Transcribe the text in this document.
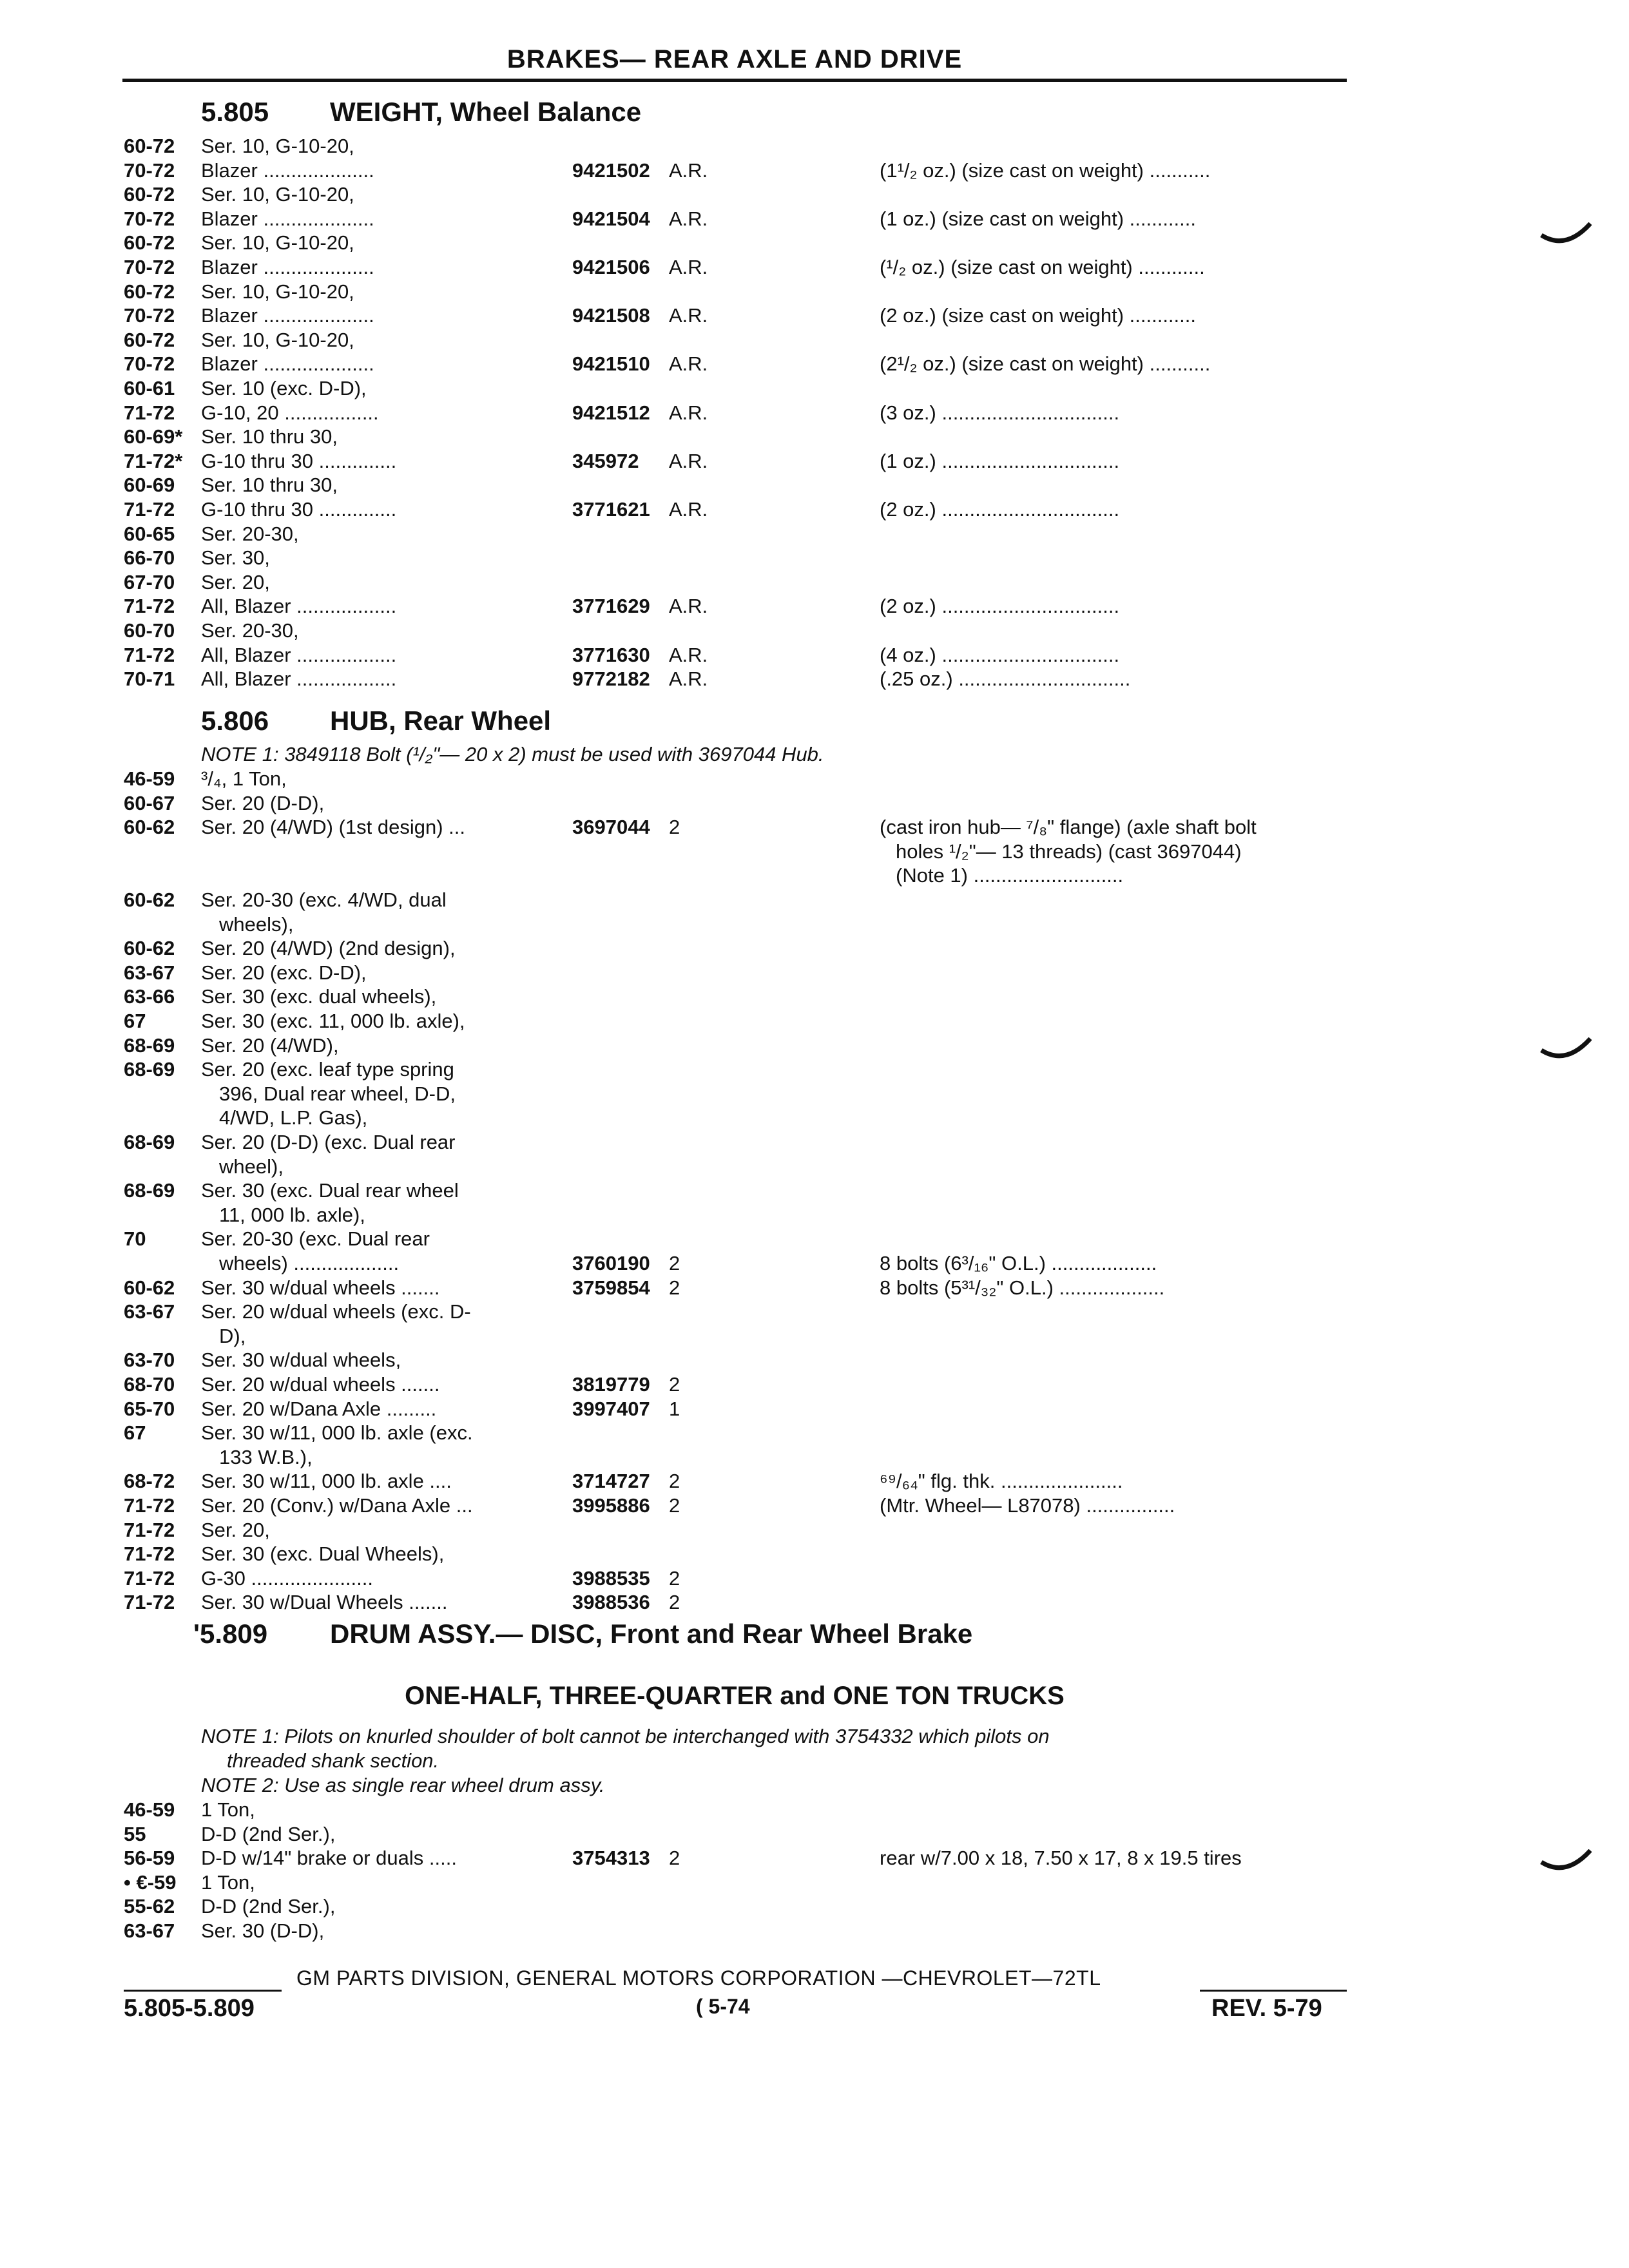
BRAKES— REAR AXLE AND DRIVE
5.805 WEIGHT, Wheel Balance
60-72 Ser. 10, G-10-20,
70-72 Blazer ....................	9421502 A.R.	(1¹/₂ oz.) (size cast on weight) ...........
60-72 Ser. 10, G-10-20,
70-72 Blazer ....................	9421504 A.R.	(1 oz.) (size cast on weight) ............
60-72 Ser. 10, G-10-20,
70-72 Blazer ....................	9421506 A.R.	(¹/₂ oz.) (size cast on weight) ............
60-72 Ser. 10, G-10-20,
70-72 Blazer ....................	9421508 A.R.	(2 oz.) (size cast on weight) ............
60-72 Ser. 10, G-10-20,
70-72 Blazer ....................	9421510 A.R.	(2¹/₂ oz.) (size cast on weight) ...........
60-61 Ser. 10 (exc. D-D),
71-72 G-10, 20 .................	9421512 A.R.	(3 oz.) ................................
60-69* Ser. 10 thru 30,
71-72* G-10 thru 30 ..............	345972 A.R.	(1 oz.) ................................
60-69 Ser. 10 thru 30,
71-72 G-10 thru 30 ..............	3771621 A.R.	(2 oz.) ................................
60-65 Ser. 20-30,
66-70 Ser. 30,
67-70 Ser. 20,
71-72 All, Blazer ..................	3771629 A.R.	(2 oz.) ................................
60-70 Ser. 20-30,
71-72 All, Blazer ..................	3771630 A.R.	(4 oz.) ................................
70-71 All, Blazer ..................	9772182 A.R.	(.25 oz.) ...............................
5.806 HUB, Rear Wheel
NOTE 1: 3849118 Bolt (¹/₂"— 20 x 2) must be used with 3697044 Hub.
46-59 ³/₄, 1 Ton,
60-67 Ser. 20 (D-D),
60-62 Ser. 20 (4/WD) (1st design) ...	3697044 2	(cast iron hub— ⁷/₈" flange) (axle shaft bolt
holes ¹/₂"— 13 threads) (cast 3697044)
(Note 1) ...........................
60-62 Ser. 20-30 (exc. 4/WD, dual
wheels),
60-62 Ser. 20 (4/WD) (2nd design),
63-67 Ser. 20 (exc. D-D),
63-66 Ser. 30 (exc. dual wheels),
67	Ser. 30 (exc. 11, 000 lb. axle),
68-69 Ser. 20 (4/WD),
68-69 Ser. 20 (exc. leaf type spring
396, Dual rear wheel, D-D,
4/WD, L.P. Gas),
68-69 Ser. 20 (D-D) (exc. Dual rear
wheel),
68-69 Ser. 30 (exc. Dual rear wheel
11, 000 lb. axle),
70	Ser. 20-30 (exc. Dual rear
wheels) ...................	3760190 2	8 bolts (6³/₁₆" O.L.) ...................
60-62 Ser. 30 w/dual wheels .......	3759854 2	8 bolts (5³¹/₃₂" O.L.) ...................
63-67 Ser. 20 w/dual wheels (exc. D-
D),
63-70 Ser. 30 w/dual wheels,
68-70 Ser. 20 w/dual wheels .......	3819779 2
65-70 Ser. 20 w/Dana Axle .........	3997407 1
67	Ser. 30 w/11, 000 lb. axle (exc.
133 W.B.),
68-72 Ser. 30 w/11, 000 lb. axle ....	3714727 2	⁶⁹/₆₄" flg. thk. ......................
71-72 Ser. 20 (Conv.) w/Dana Axle ...	3995886 2	(Mtr. Wheel— L87078) ................
71-72 Ser. 20,
71-72 Ser. 30 (exc. Dual Wheels),
71-72 G-30 ......................	3988535 2
71-72 Ser. 30 w/Dual Wheels .......	3988536 2
'5.809 DRUM ASSY.— DISC, Front and Rear Wheel Brake
ONE-HALF, THREE-QUARTER and ONE TON TRUCKS
NOTE 1: Pilots on knurled shoulder of bolt cannot be interchanged with 3754332 which pilots on
threaded shank section.
NOTE 2: Use as single rear wheel drum assy.
46-59 1 Ton,
55	D-D (2nd Ser.),
56-59 D-D w/14" brake or duals .....	3754313 2	rear w/7.00 x 18, 7.50 x 17, 8 x 19.5 tires
• €-59 1 Ton,
55-62 D-D (2nd Ser.),
63-67 Ser. 30 (D-D),
GM PARTS DIVISION, GENERAL MOTORS CORPORATION —CHEVROLET—72TL
5.805-5.809	( 5-74	REV. 5-79
